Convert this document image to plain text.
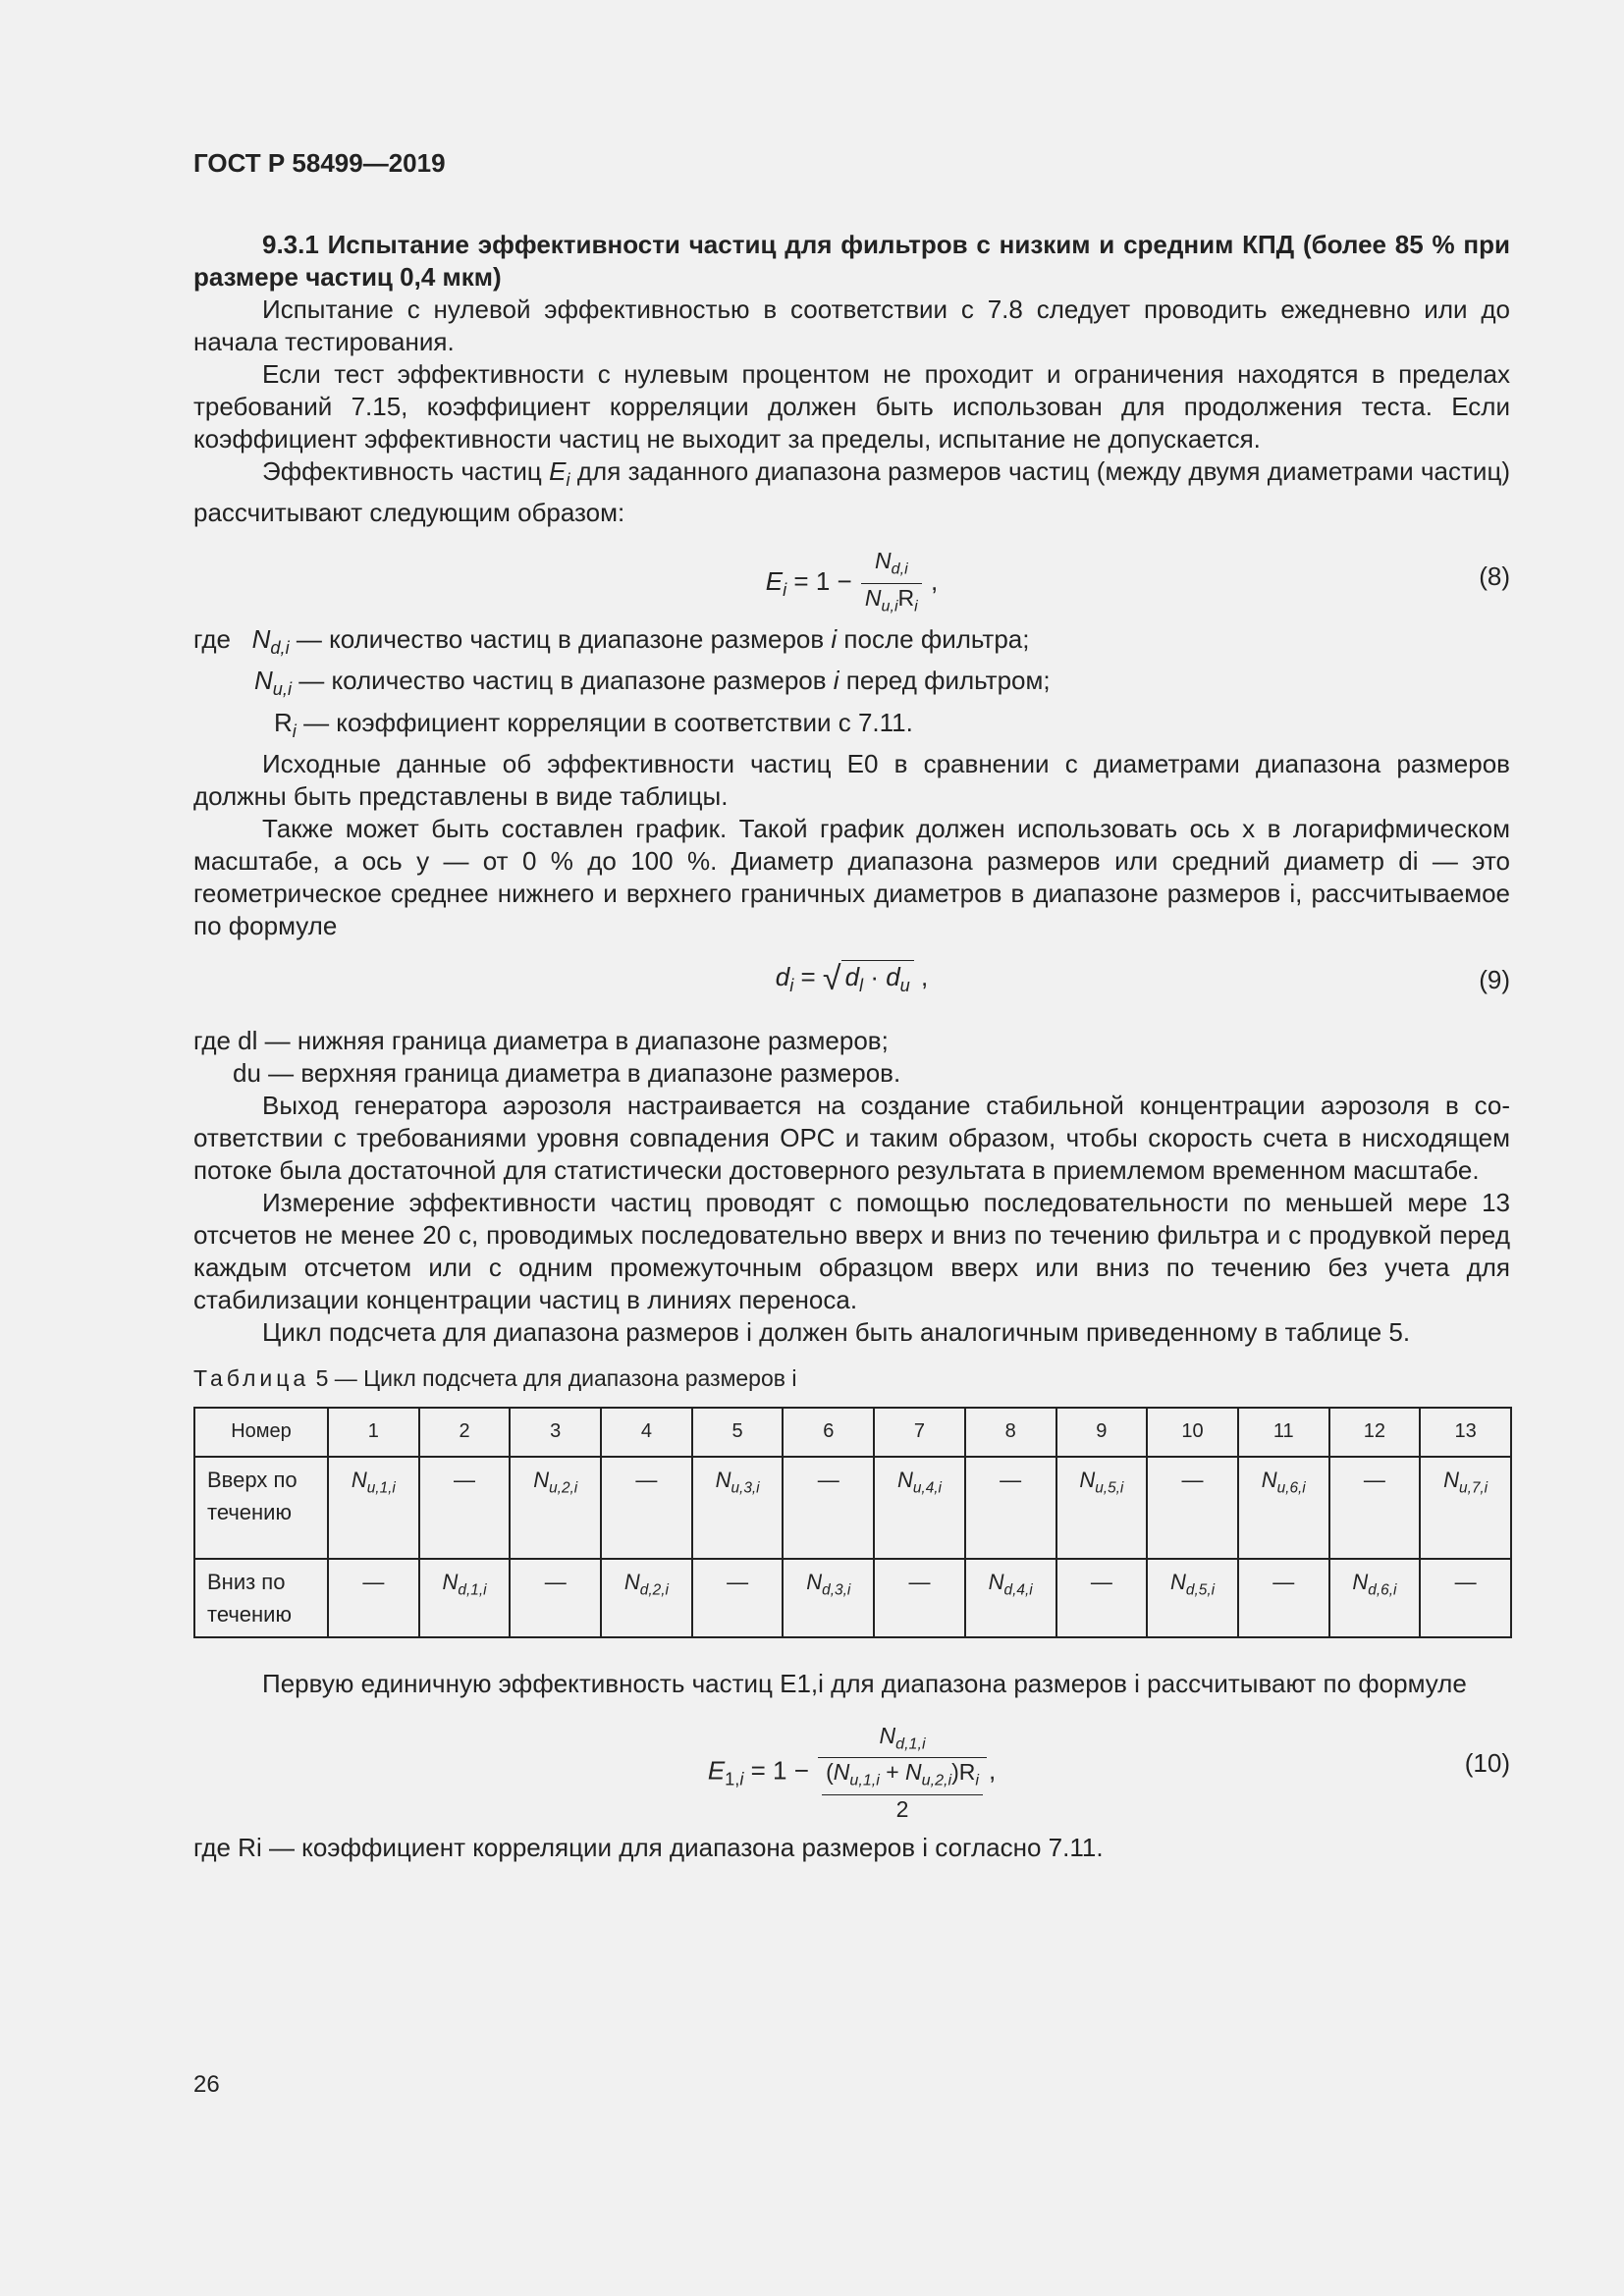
ГОСТ Р 58499—2019

9.3.1 Испытание эффективности частиц для фильтров с низким и средним КПД (более 85 % при размере частиц 0,4 мкм)

Испытание с нулевой эффективностью в соответствии с 7.8 следует проводить ежедневно или до начала тестирования.

Если тест эффективности с нулевым процентом не проходит и ограничения находятся в пределах требований 7.15, коэффициент корреляции должен быть использован для продолжения теста. Если коэффициент эффективности частиц не выходит за пределы, испытание не допускается.

Эффективность частиц $E_i$ для заданного диапазона размеров частиц (между двумя диаметрами частиц) рассчитывают следующим образом:

$E_i = 1 - \frac{N_{d,i}}{N_{u,i}R_i}$ ,	(8)
где   $N_{d,i}$ — количество частиц в диапазоне размеров i после фильтра;
$N_{u,i}$ — количество частиц в диапазоне размеров i перед фильтром;
$R_i$ — коэффициент корреляции в соответствии с 7.11.

Исходные данные об эффективности частиц E0 в сравнении с диаметрами диапазона размеров должны быть представлены в виде таблицы.

Также может быть составлен график. Такой график должен использовать ось x в логарифмическом масштабе, а ось y — от 0 % до 100 %. Диаметр диапазона размеров или средний диаметр di — это геометрическое среднее нижнего и верхнего граничных диаметров в диапазоне размеров i, рассчитываемое по формуле

$d_i$ = √ $d_l \cdot d_u$ ,	(9)

где dl — нижняя граница диаметра в диапазоне размеров;

du — верхняя граница диаметра в диапазоне размеров.

Выход генератора аэрозоля настраивается на создание стабильной концентрации аэрозоля в соответствии с требованиями уровня совпадения ОРС и таким образом, чтобы скорость счета в нисходящем потоке была достаточной для статистически достоверного результата в приемлемом временном масштабе.

Измерение эффективности частиц проводят с помощью последовательности по меньшей мере 13 отсчетов не менее 20 с, проводимых последовательно вверх и вниз по течению фильтра и с продувкой перед каждым отсчетом или с одним промежуточным образцом вверх или вниз по течению без учета для стабилизации концентрации частиц в линиях переноса.

Цикл подсчета для диапазона размеров i должен быть аналогичным приведенному в таблице 5.

Таблица 5 — Цикл подсчета для диапазона размеров i
Номер	1	2	3	4	5	6	7	8	9	10	11	12	13
Вверх по течению	$N_{u,1,i}$	—	$N_{u,2,i}$	—	$N_{u,3,i}$	—	$N_{u,4,i}$	—	$N_{u,5,i}$	—	$N_{u,6,i}$	—	$N_{u,7,i}$
Вниз по течению	—	$N_{d,1,i}$	—	$N_{d,2,i}$	—	$N_{d,3,i}$	—	$N_{d,4,i}$	—	$N_{d,5,i}$	—	$N_{d,6,i}$	—

Первую единичную эффективность частиц E1,i для диапазона размеров i рассчитывают по формуле

$E_{1,i} = 1 - \frac{N_{d,1,i}}{\frac{(N_{u,1,i} + N_{u,2,i})R_i}{2}}$ ,	(10)

где Ri — коэффициент корреляции для диапазона размеров i согласно 7.11.

26
